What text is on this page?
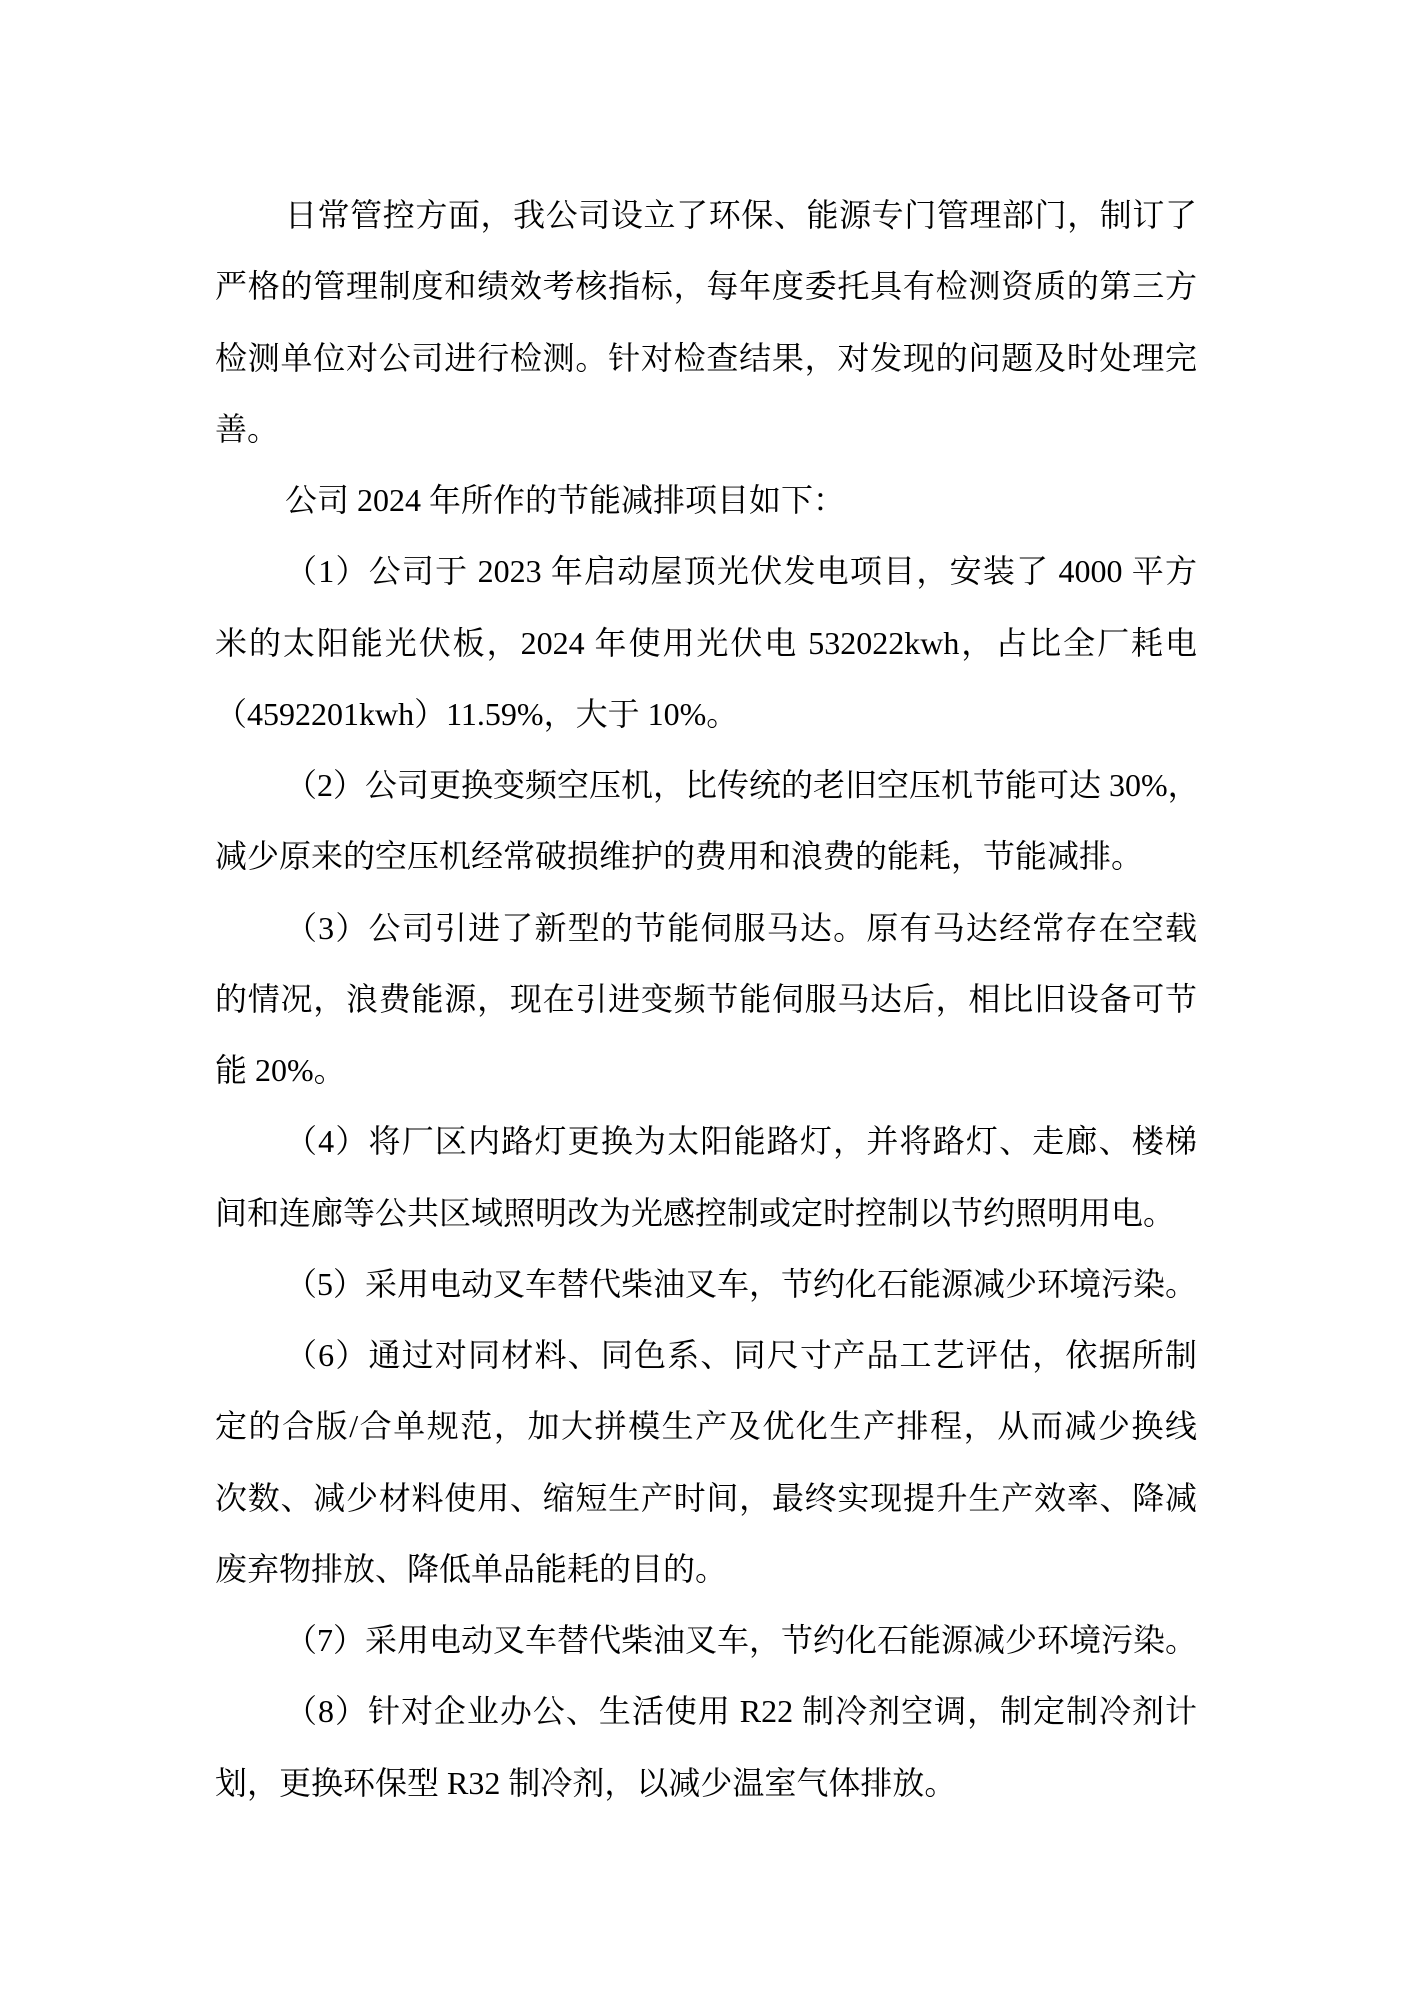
日常管控方面，我公司设立了环保、能源专门管理部门，制订了
严格的管理制度和绩效考核指标，每年度委托具有检测资质的第三方
检测单位对公司进行检测。针对检查结果，对发现的问题及时处理完
善。
公司 2024 年所作的节能减排项目如下：
（1）公司于 2023 年启动屋顶光伏发电项目，安装了 4000 平方
米的太阳能光伏板，2024 年使用光伏电 532022kwh，占比全厂耗电
（4592201kwh）11.59%，大于 10%。
（2）公司更换变频空压机，比传统的老旧空压机节能可达 30%，
减少原来的空压机经常破损维护的费用和浪费的能耗，节能减排。
（3）公司引进了新型的节能伺服马达。原有马达经常存在空载
的情况，浪费能源，现在引进变频节能伺服马达后，相比旧设备可节
能 20%。
（4）将厂区内路灯更换为太阳能路灯，并将路灯、走廊、楼梯
间和连廊等公共区域照明改为光感控制或定时控制以节约照明用电。
（5）采用电动叉车替代柴油叉车，节约化石能源减少环境污染。
（6）通过对同材料、同色系、同尺寸产品工艺评估，依据所制
定的合版/合单规范，加大拼模生产及优化生产排程，从而减少换线
次数、减少材料使用、缩短生产时间，最终实现提升生产效率、降减
废弃物排放、降低单品能耗的目的。
（7）采用电动叉车替代柴油叉车，节约化石能源减少环境污染。
（8）针对企业办公、生活使用 R22 制冷剂空调，制定制冷剂计
划，更换环保型 R32 制冷剂，以减少温室气体排放。
